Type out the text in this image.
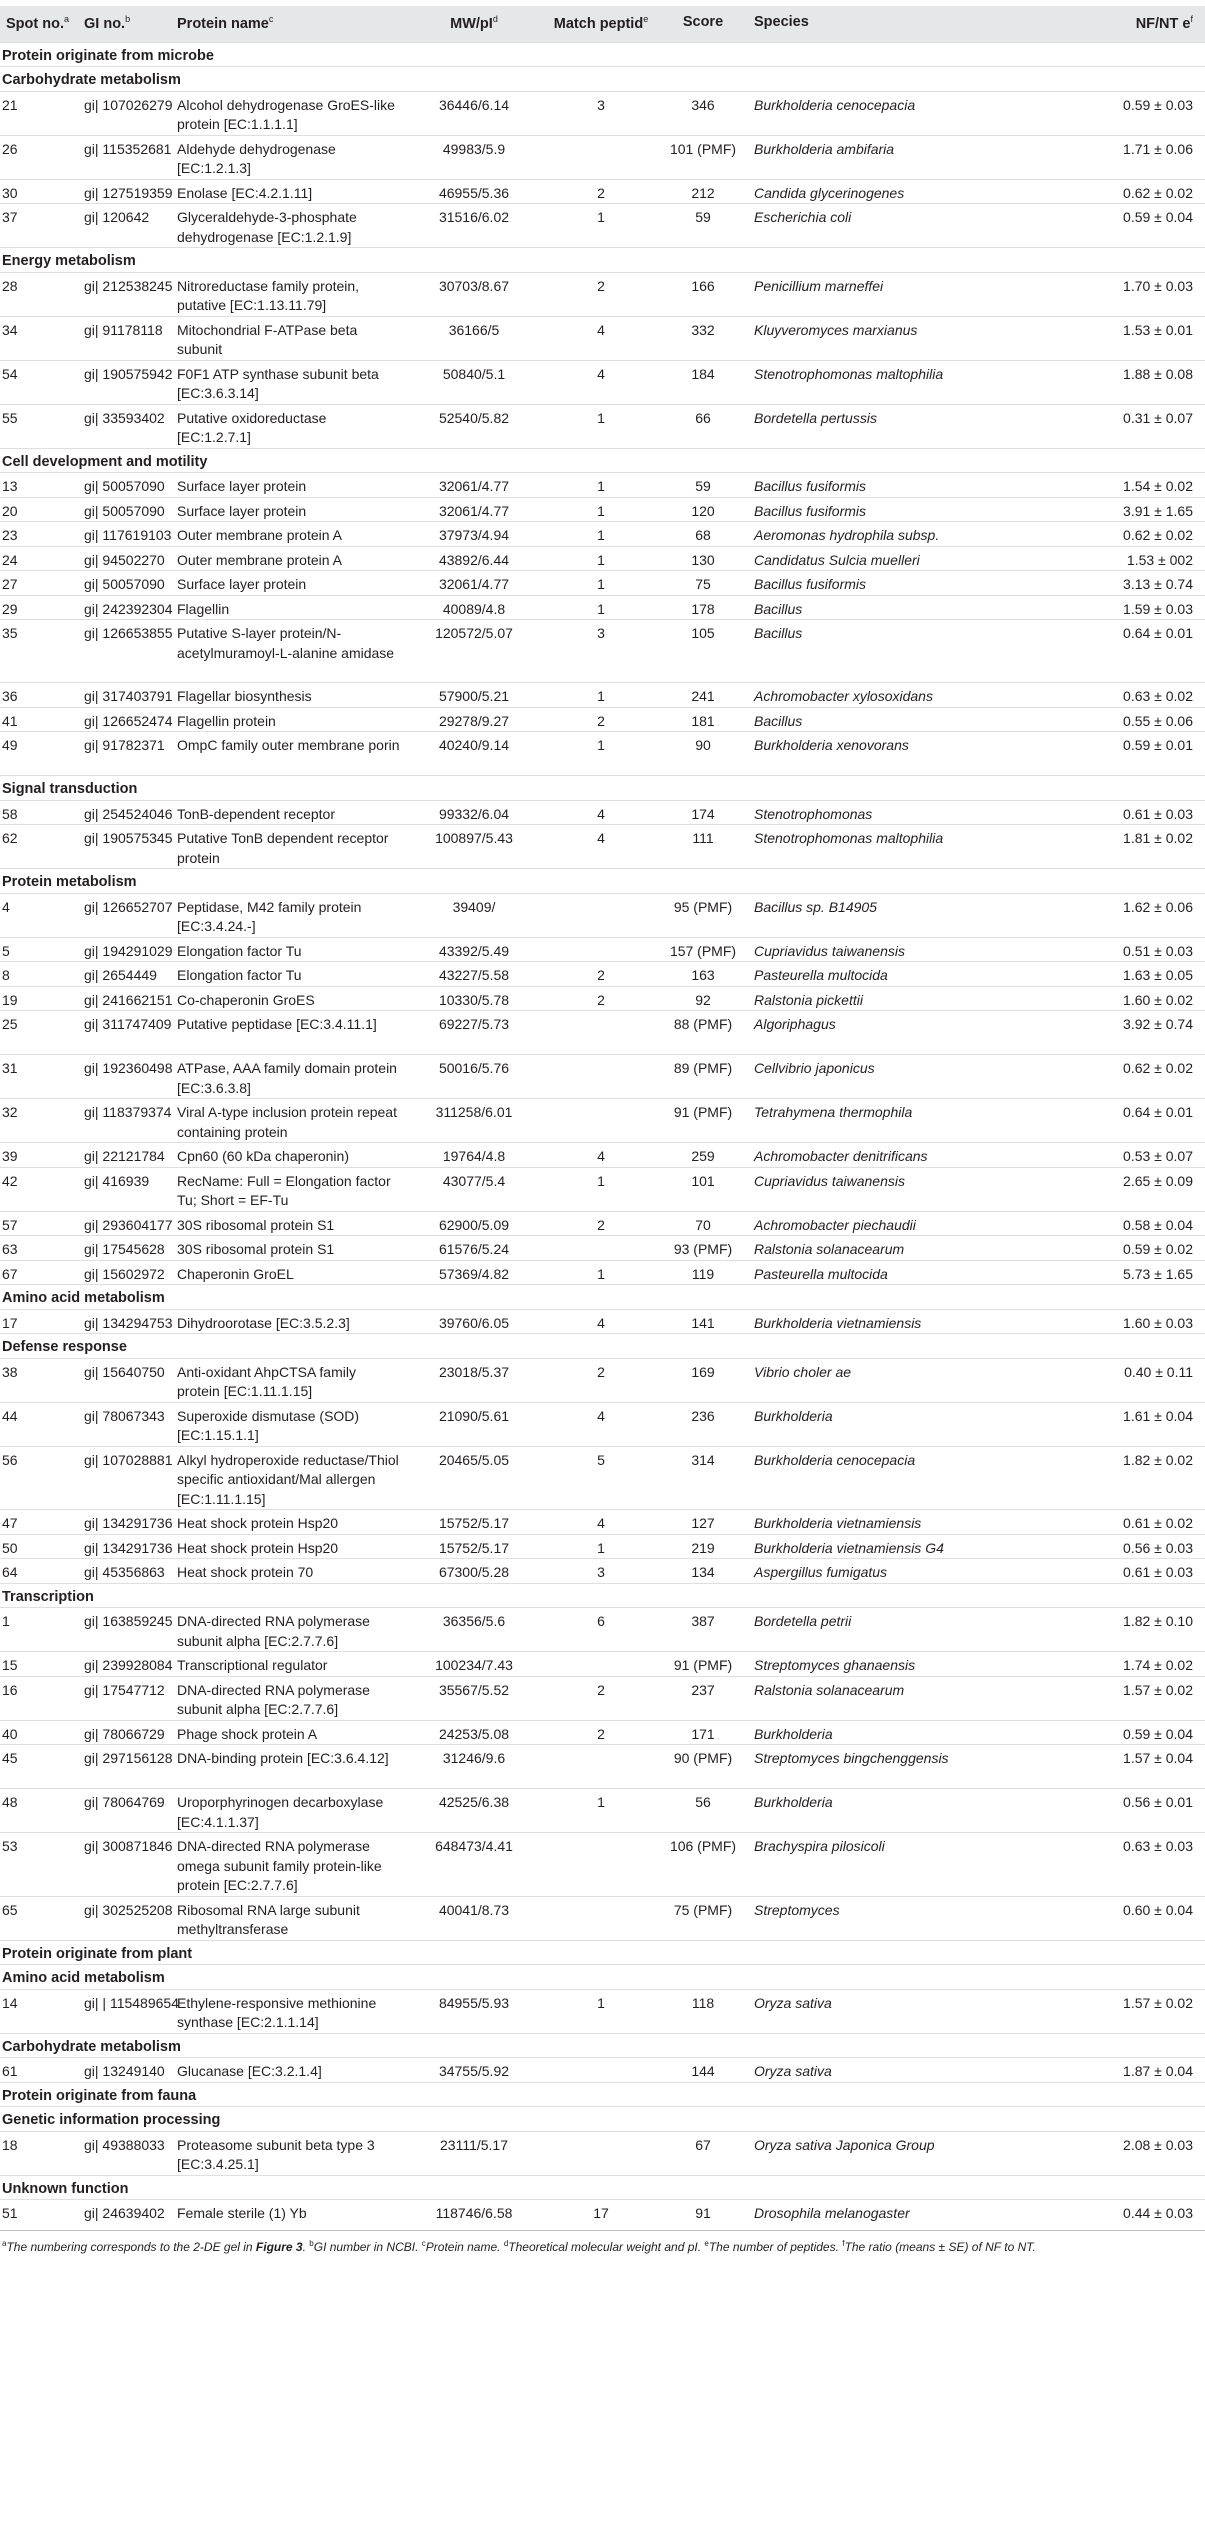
Spot no.$^a$	GI no.$^b$	Protein name$^c$	$MW/pI^d$	Match peptid$^e$	Score	Species	NF/NT $e^f$
Protein originate from microbe							
Carbohydrate metabolism							
21	gi| 107026279	Alcohol dehydrogenase GroES-like protein [EC:1.1.1.1]	36446/6.14	3	346	Burkholderia cenocepacia	0.59 ± 0.03
26	gi| 115352681	Aldehyde dehydrogenase [EC:1.2.1.3]	49983/5.9		101 (PMF)	Burkholderia ambifaria	1.71 ± 0.06
30	gi| 127519359	Enolase [EC:4.2.1.11]	46955/5.36	2	212	Candida glycerinogenes	0.62 ± 0.02
37	gi| 120642	Glyceraldehyde-3-phosphate dehydrogenase [EC:1.2.1.9]	31516/6.02	1	59	Escherichia coli	0.59 ± 0.04
Energy metabolism							
28	gi| 212538245	Nitroreductase family protein, putative [EC:1.13.11.79]	30703/8.67	2	166	Penicillium marneffei	1.70 ± 0.03
34	gi| 91178118	Mitochondrial F-ATPase beta subunit	36166/5	4	332	Kluyveromyces marxianus	1.53 ± 0.01
54	gi| 190575942	F0F1 ATP synthase subunit beta [EC:3.6.3.14]	50840/5.1	4	184	Stenotrophomonas maltophilia	1.88 ± 0.08
55	gi| 33593402	Putative oxidoreductase [EC:1.2.7.1]	52540/5.82	1	66	Bordetella pertussis	0.31 ± 0.07
Cell development and motility							
13	gi| 50057090	Surface layer protein	32061/4.77	1	59	Bacillus fusiformis	1.54 ± 0.02
20	gi| 50057090	Surface layer protein	32061/4.77	1	120	Bacillus fusiformis	3.91 ± 1.65
23	gi| 117619103	Outer membrane protein A	37973/4.94	1	68	Aeromonas hydrophila subsp.	0.62 ± 0.02
24	gi| 94502270	Outer membrane protein A	43892/6.44	1	130	Candidatus Sulcia muelleri	1.53 ± 002
27	gi| 50057090	Surface layer protein	32061/4.77	1	75	Bacillus fusiformis	3.13 ± 0.74
29	gi| 242392304	Flagellin	40089/4.8	1	178	Bacillus	1.59 ± 0.03
35	gi| 126653855	Putative S-layer protein/N-acetylmuramoyl-L-alanine amidase	120572/5.07	3	105	Bacillus	0.64 ± 0.01
36	gi| 317403791	Flagellar biosynthesis	57900/5.21	1	241	Achromobacter xylosoxidans	0.63 ± 0.02
41	gi| 126652474	Flagellin protein	29278/9.27	2	181	Bacillus	0.55 ± 0.06
49	gi| 91782371	OmpC family outer membrane porin	40240/9.14	1	90	Burkholderia xenovorans	0.59 ± 0.01
Signal transduction							
58	gi| 254524046	TonB-dependent receptor	99332/6.04	4	174	Stenotrophomonas	0.61 ± 0.03
62	gi| 190575345	Putative TonB dependent receptor protein	100897/5.43	4	111	Stenotrophomonas maltophilia	1.81 ± 0.02
Protein metabolism							
4	gi| 126652707	Peptidase, M42 family protein [EC:3.4.24.-]	39409/		95 (PMF)	Bacillus sp. B14905	1.62 ± 0.06
5	gi| 194291029	Elongation factor Tu	43392/5.49		157 (PMF)	Cupriavidus taiwanensis	0.51 ± 0.03
8	gi| 2654449	Elongation factor Tu	43227/5.58	2	163	Pasteurella multocida	1.63 ± 0.05
19	gi| 241662151	Co-chaperonin GroES	10330/5.78	2	92	Ralstonia pickettii	1.60 ± 0.02
25	gi| 311747409	Putative peptidase [EC:3.4.11.1]	69227/5.73		88 (PMF)	Algoriphagus	3.92 ± 0.74
31	gi| 192360498	ATPase, AAA family domain protein [EC:3.6.3.8]	50016/5.76		89 (PMF)	Cellvibrio japonicus	0.62 ± 0.02
32	gi| 118379374	Viral A-type inclusion protein repeat containing protein	311258/6.01		91 (PMF)	Tetrahymena thermophila	0.64 ± 0.01
39	gi| 22121784	Cpn60 (60 kDa chaperonin)	19764/4.8	4	259	Achromobacter denitrificans	0.53 ± 0.07
42	gi| 416939	RecName: Full = Elongation factor Tu; Short = EF-Tu	43077/5.4	1	101	Cupriavidus taiwanensis	2.65 ± 0.09
57	gi| 293604177	30S ribosomal protein S1	62900/5.09	2	70	Achromobacter piechaudii	0.58 ± 0.04
63	gi| 17545628	30S ribosomal protein S1	61576/5.24		93 (PMF)	Ralstonia solanacearum	0.59 ± 0.02
67	gi| 15602972	Chaperonin GroEL	57369/4.82	1	119	Pasteurella multocida	5.73 ± 1.65
Amino acid metabolism							
17	gi| 134294753	Dihydroorotase [EC:3.5.2.3]	39760/6.05	4	141	Burkholderia vietnamiensis	1.60 ± 0.03
Defense response							
38	gi| 15640750	Anti-oxidant AhpCTSA family protein [EC:1.11.1.15]	23018/5.37	2	169	Vibrio choler ae	0.40 ± 0.11
44	gi| 78067343	Superoxide dismutase (SOD) [EC:1.15.1.1]	21090/5.61	4	236	Burkholderia	1.61 ± 0.04
56	gi| 107028881	Alkyl hydroperoxide reductase/Thiol specific antioxidant/Mal allergen [EC:1.11.1.15]	20465/5.05	5	314	Burkholderia cenocepacia	1.82 ± 0.02
47	gi| 134291736	Heat shock protein Hsp20	15752/5.17	4	127	Burkholderia vietnamiensis	0.61 ± 0.02
50	gi| 134291736	Heat shock protein Hsp20	15752/5.17	1	219	Burkholderia vietnamiensis G4	0.56 ± 0.03
64	gi| 45356863	Heat shock protein 70	67300/5.28	3	134	Aspergillus fumigatus	0.61 ± 0.03
Transcription							
1	gi| 163859245	DNA-directed RNA polymerase subunit alpha [EC:2.7.7.6]	36356/5.6	6	387	Bordetella petrii	1.82 ± 0.10
15	gi| 239928084	Transcriptional regulator	100234/7.43		91 (PMF)	Streptomyces ghanaensis	1.74 ± 0.02
16	gi| 17547712	DNA-directed RNA polymerase subunit alpha [EC:2.7.7.6]	35567/5.52	2	237	Ralstonia solanacearum	1.57 ± 0.02
40	gi| 78066729	Phage shock protein A	24253/5.08	2	171	Burkholderia	0.59 ± 0.04
45	gi| 297156128	DNA-binding protein [EC:3.6.4.12]	31246/9.6		90 (PMF)	Streptomyces bingchenggensis	1.57 ± 0.04
48	gi| 78064769	Uroporphyrinogen decarboxylase [EC:4.1.1.37]	42525/6.38	1	56	Burkholderia	0.56 ± 0.01
53	gi| 300871846	DNA-directed RNA polymerase omega subunit family protein-like protein [EC:2.7.7.6]	648473/4.41		106 (PMF)	Brachyspira pilosicoli	0.63 ± 0.03
65	gi| 302525208	Ribosomal RNA large subunit methyltransferase	40041/8.73		75 (PMF)	Streptomyces	0.60 ± 0.04
Protein originate from plant							
Amino acid metabolism							
14	gi| | 115489654	Ethylene-responsive methionine synthase [EC:2.1.1.14]	84955/5.93	1	118	Oryza sativa	1.57 ± 0.02
Carbohydrate metabolism							
61	gi| 13249140	Glucanase [EC:3.2.1.4]	34755/5.92		144	Oryza sativa	1.87 ± 0.04
Protein originate from fauna							
Genetic information processing							
18	gi| 49388033	Proteasome subunit beta type 3 [EC:3.4.25.1]	23111/5.17		67	Oryza sativa Japonica Group	2.08 ± 0.03
Unknown function							
51	gi| 24639402	Female sterile (1) Yb	118746/6.58	17	91	Drosophila melanogaster	0.44 ± 0.03
$^a$The numbering corresponds to the 2-DE gel in Figure 3. $^b$GI number in NCBI. $^c$Protein name. $^d$Theoretical molecular weight and pI. $^e$The number of peptides. $^f$The ratio (means ± SE) of NF to NT.
